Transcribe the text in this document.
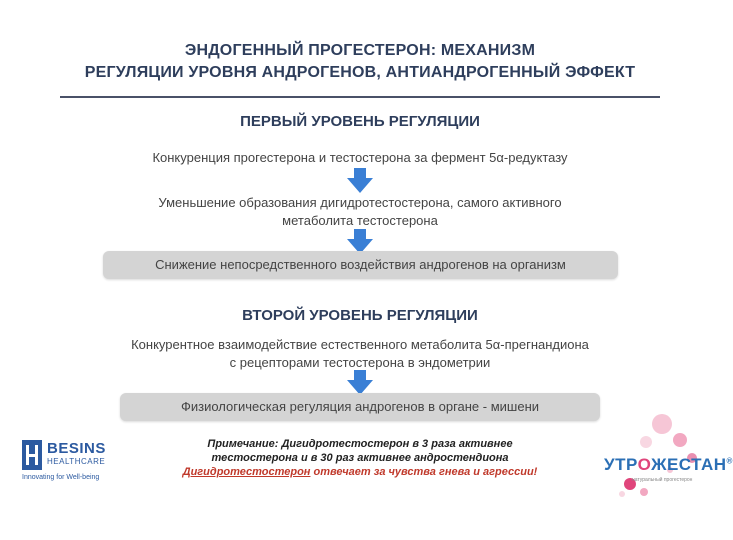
ЭНДОГЕННЫЙ ПРОГЕСТЕРОН: МЕХАНИЗМ
РЕГУЛЯЦИИ УРОВНЯ АНДРОГЕНОВ, АНТИАНДРОГЕННЫЙ ЭФФЕКТ
ПЕРВЫЙ УРОВЕНЬ РЕГУЛЯЦИИ
Конкуренция прогестерона и тестостерона за фермент 5α-редуктазу
Уменьшение образования дигидротестостерона, самого активного
метаболита тестостерона
Снижение непосредственного воздействия андрогенов на организм
ВТОРОЙ УРОВЕНЬ РЕГУЛЯЦИИ
Конкурентное взаимодействие естественного метаболита 5α-прегнандиона
с рецепторами тестостерона в эндометрии
Физиологическая регуляция андрогенов в органе - мишени
Примечание: Дигидротестостерон в 3 раза активнее
тестостерона и в 30 раз активнее андростендиона
Дигидротестостерон отвечает за чувства гнева и агрессии!
BESINS
HEALTHCARE
Innovating for Well-being
УТРОЖЕСТАН®
натуральный прогестерон
